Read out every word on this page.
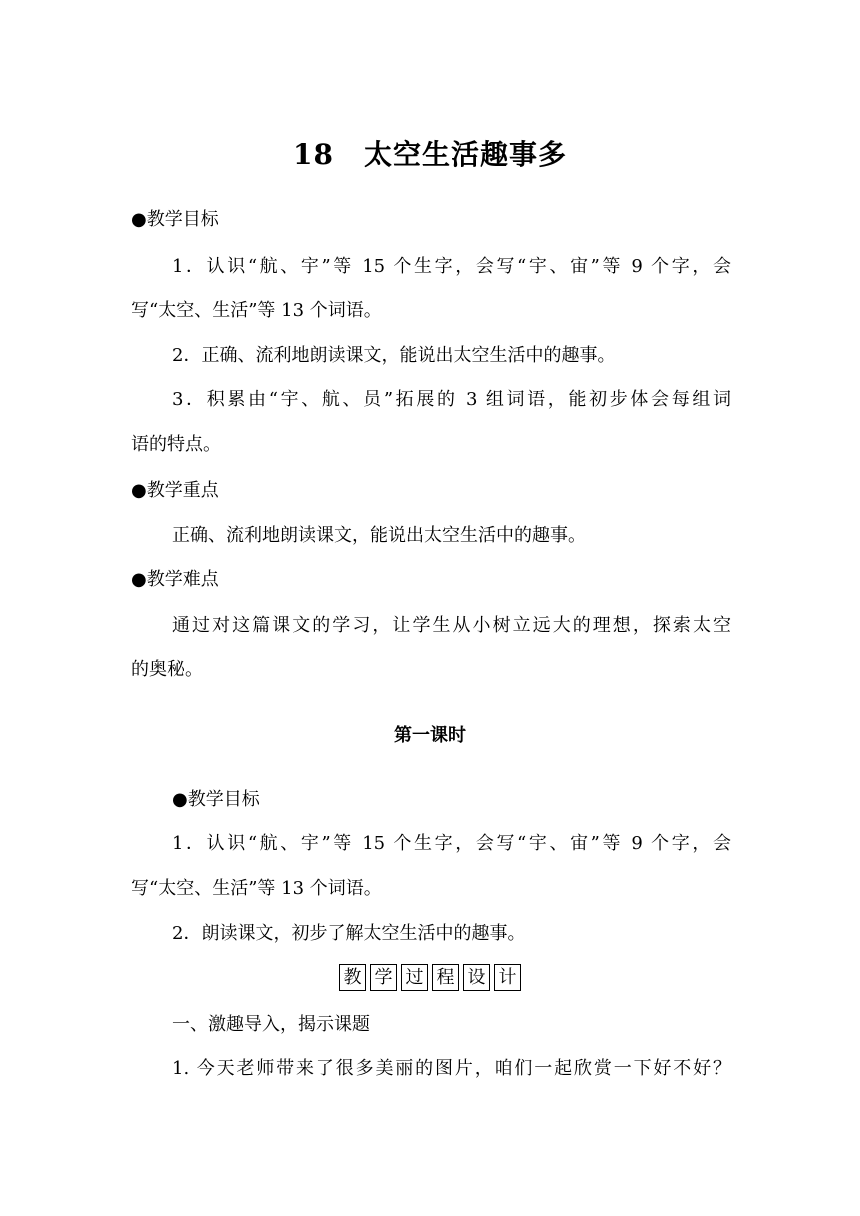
18 太空生活趣事多
●教学目标
1．认识“航、宇”等 15 个生字，会写“宇、宙”等 9 个字，会
写“太空、生活”等 13 个词语。
2．正确、流利地朗读课文，能说出太空生活中的趣事。
3．积累由“宇、航、员”拓展的 3 组词语，能初步体会每组词
语的特点。
●教学重点
正确、流利地朗读课文，能说出太空生活中的趣事。
●教学难点
通过对这篇课文的学习，让学生从小树立远大的理想，探索太空
的奥秘。
第一课时
●教学目标
1．认识“航、宇”等 15 个生字，会写“宇、宙”等 9 个字，会
写“太空、生活”等 13 个词语。
2．朗读课文，初步了解太空生活中的趣事。
教 学 过 程 设 计
一、激趣导入，揭示课题
1. 今天老师带来了很多美丽的图片，咱们一起欣赏一下好不好？
